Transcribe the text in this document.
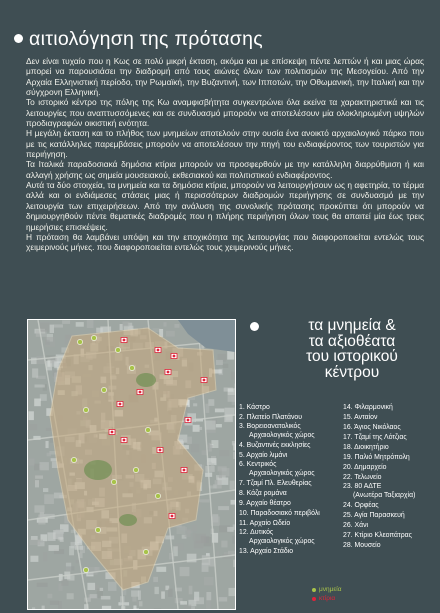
αιτιολόγηση της πρότασης

Δεν είναι τυχαίο που η Κως σε πολύ μικρή έκταση, ακόμα και με επίσκεψη πέντε λεπτών ή και μιας ώρας μπορεί να παρουσιάσει την διαδρομή από τους αιώνες όλων των πολιτισμών της Μεσογείου. Από την Αρχαία Ελληνιστική περίοδο, την Ρωμαϊκή, την Βυζαντινή, των Ιπποτών, την Οθωμανική, την Ιταλική και την σύγχρονη Ελληνική.

Το ιστορικό κέντρο της πόλης της Κω αναμφισβήτητα συγκεντρώνει όλα εκείνα τα χαρακτηριστικά και τις λειτουργίες που αναπτυσσόμενες και σε συνδυασμό μπορούν να αποτελέσουν μία ολοκληρωμένη υψηλών προδιαγραφών οικιστική ενότητα.

Η μεγάλη έκταση και το πλήθος των μνημείων αποτελούν στην ουσία ένα ανοικτό αρχαιολογικό πάρκο που με τις κατάλληλες παρεμβάσεις μπορούν να αποτελέσουν την πηγή του ενδιαφέροντος των τουριστών για περιήγηση.

Τα Ιταλικά παραδοσιακά δημόσια κτίρια μπορούν να προσφερθούν με την κατάλληλη διαρρύθμιση ή και αλλαγή χρήσης ως σημεία μουσειακού, εκθεσιακού και πολιτιστικού ενδιαφέροντος.

Αυτά τα δύο στοιχεία, τα μνημεία και τα δημόσια κτίρια, μπορούν να λειτουργήσουν ως η αφετηρία, το τέρμα αλλά και οι ενδιάμεσες στάσεις μιας ή περισσότερων διαδρομών περιήγησης σε συνδυασμό με την λειτουργία των επιχειρήσεων. Από την ανάλυση της συνολικής πρότασης προκύπτει ότι μπορούν να δημιουργηθούν πέντε θεματικές διαδρομές που η πλήρης περιήγηση όλων τους θα απαιτεί μία έως τρεις ημερήσιες επισκέψεις.

Η πρόταση θα λαμβάνει υπόψη και την εποχικότητα της λειτουργίας που διαφοροποιείται εντελώς τους χειμερινούς μήνες. που διαφοροποιείται εντελώς τους χειμερινούς μήνες.

τα μνημεία &
τα αξιοθέατα
του ιστορικού
κέντρου
1. Κάστρο
2. Πλατείο Πλατάνου
3. Βορειοανατολικός
Αρχαιολογικός χώρος
4. Βυζαντινές εκκλησίες
5. Αρχαίο λιμάνι
6. Κεντρικός
Αρχαιολογικός χώρος
7. Τζαμί Πλ. Ελευθερίας
8. Κάζα ρομάνα
9. Αρχαίο θέατρο
10. Παραδοσιακό περιβόλι
11. Αρχαίο Ωδείο
12. Δυτικός
Αρχαιολογικός χώρος
13. Αρχαίο Στάδιο
14. Φιλαρμονική
15. Ανταίον
16. Άγιος Νικόλαος
17. Τζαμί της Λότζιας
18. Διοικητήριο
19. Παλιό Μητρόπολη
20. Δημαρχείο
22. Τελωνείο
23. 80 ΑΔΤΕ
(Ανωτέρα Ταξιαρχία)
24. Ορφέας
25. Αγία Παρασκευή
26. Χάνι
27. Κτίριο Κλεοπάτρας
28. Μουσείο
μνημεία
κτίρια
